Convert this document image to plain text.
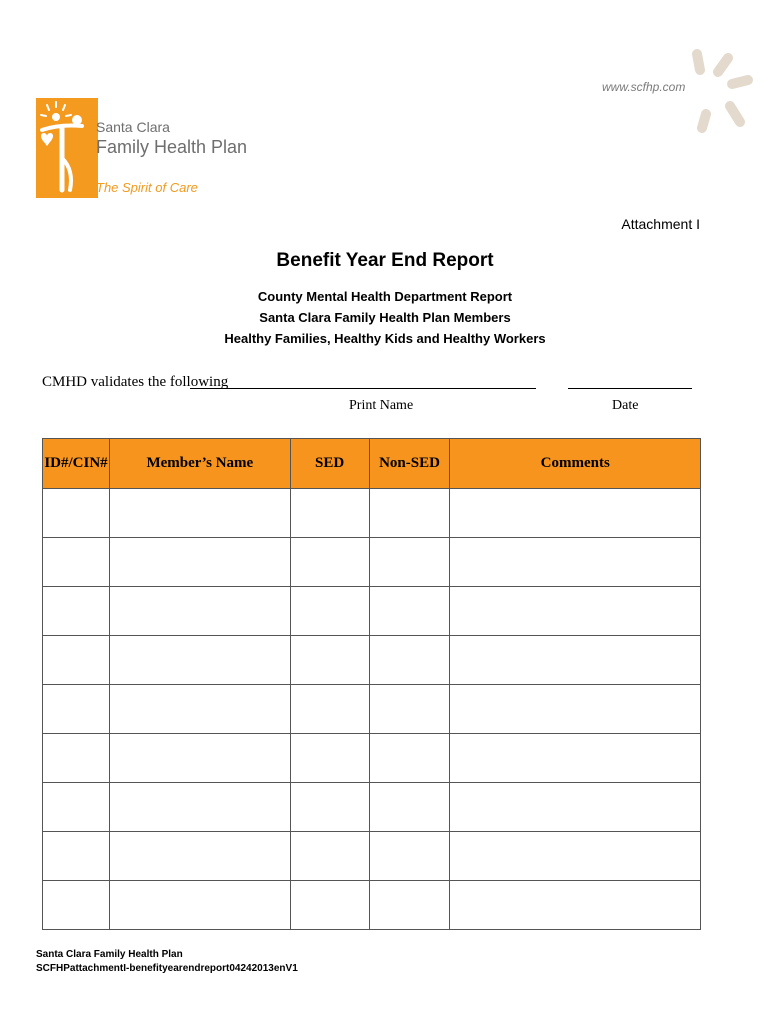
Santa Clara
Family Health Plan
The Spirit of Care
www.scfhp.com
Attachment I
Benefit Year End Report
County Mental Health Department Report
Santa Clara Family Health Plan Members
Healthy Families, Healthy Kids and Healthy Workers
CMHD validates the following
Print Name	Date
ID#/CIN#	Member’s Name	SED	Non-SED	Comments

Santa Clara Family Health Plan
SCFHPattachmentI-benefityearendreport04242013enV1
